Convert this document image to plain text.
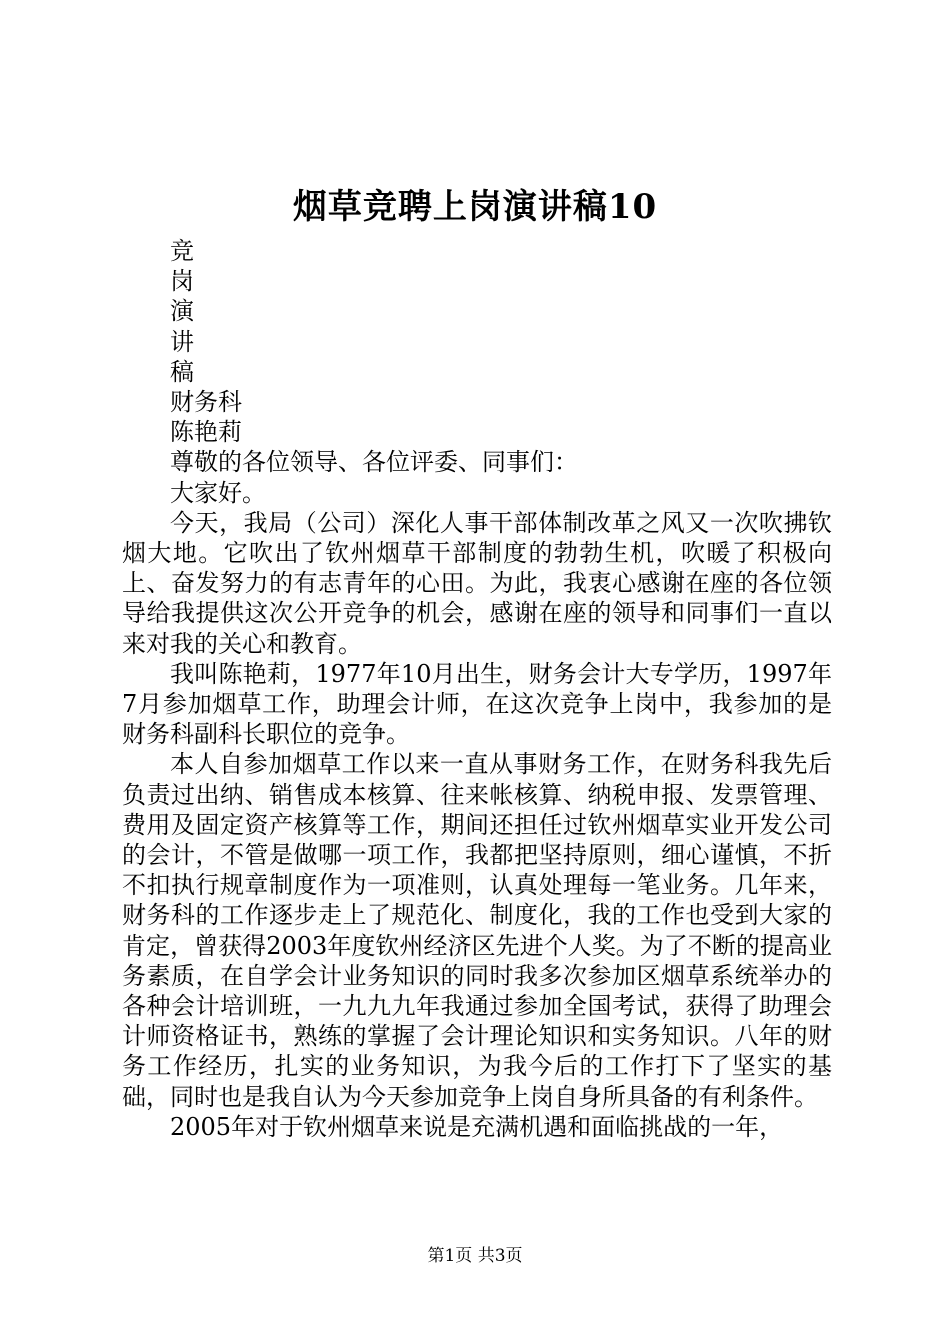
烟草竞聘上岗演讲稿10

竞

岗

演

讲

稿

财务科

陈艳莉

尊敬的各位领导、各位评委、同事们：

大家好。

今天，我局（公司）深化人事干部体制改革之风又一次吹拂钦烟大地。它吹出了钦州烟草干部制度的勃勃生机，吹暖了积极向上、奋发努力的有志青年的心田。为此，我衷心感谢在座的各位领导给我提供这次公开竞争的机会，感谢在座的领导和同事们一直以来对我的关心和教育。

我叫陈艳莉，1977年10月出生，财务会计大专学历，1997年7月参加烟草工作，助理会计师，在这次竞争上岗中，我参加的是财务科副科长职位的竞争。

本人自参加烟草工作以来一直从事财务工作，在财务科我先后负责过出纳、销售成本核算、往来帐核算、纳税申报、发票管理、费用及固定资产核算等工作，期间还担任过钦州烟草实业开发公司的会计，不管是做哪一项工作，我都把坚持原则，细心谨慎，不折不扣执行规章制度作为一项准则，认真处理每一笔业务。几年来，财务科的工作逐步走上了规范化、制度化，我的工作也受到大家的肯定，曾获得2003年度钦州经济区先进个人奖。为了不断的提高业务素质，在自学会计业务知识的同时我多次参加区烟草系统举办的各种会计培训班，一九九九年我通过参加全国考试，获得了助理会计师资格证书，熟练的掌握了会计理论知识和实务知识。八年的财务工作经历，扎实的业务知识，为我今后的工作打下了坚实的基础，同时也是我自认为今天参加竞争上岗自身所具备的有利条件。

2005年对于钦州烟草来说是充满机遇和面临挑战的一年，

第1页 共3页
